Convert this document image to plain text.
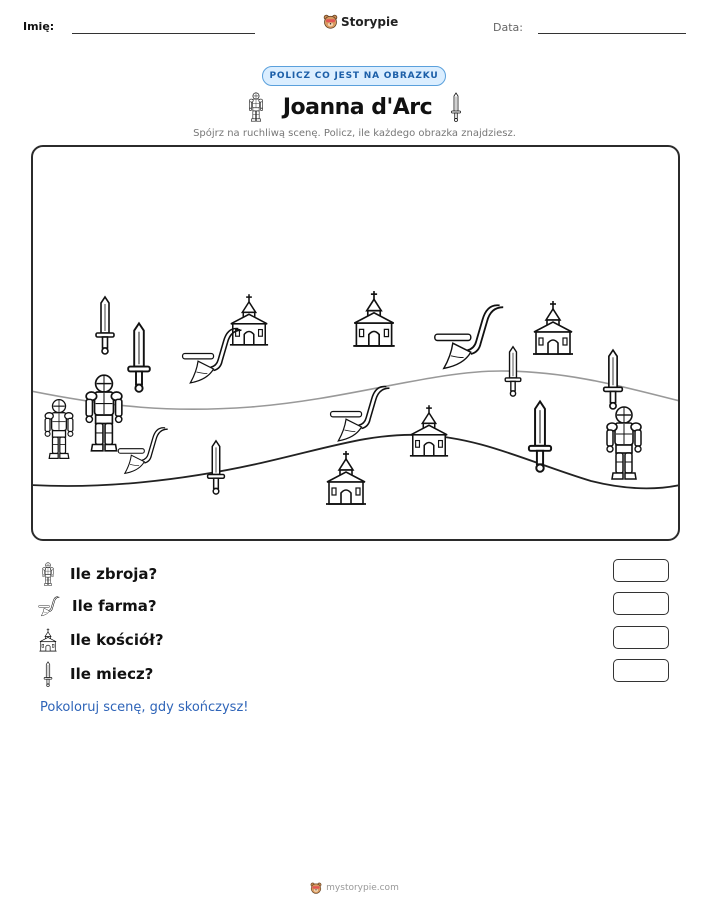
Imię:	Storypie	Data:
POLICZ CO JEST NA OBRAZKU
Joanna d'Arc
Spójrz na ruchliwą scenę. Policz, ile każdego obrazka znajdziesz.
Ile zbroja?
Ile farma?
Ile kościół?
Ile miecz?
Pokoloruj scenę, gdy skończysz!
mystorypie.com
